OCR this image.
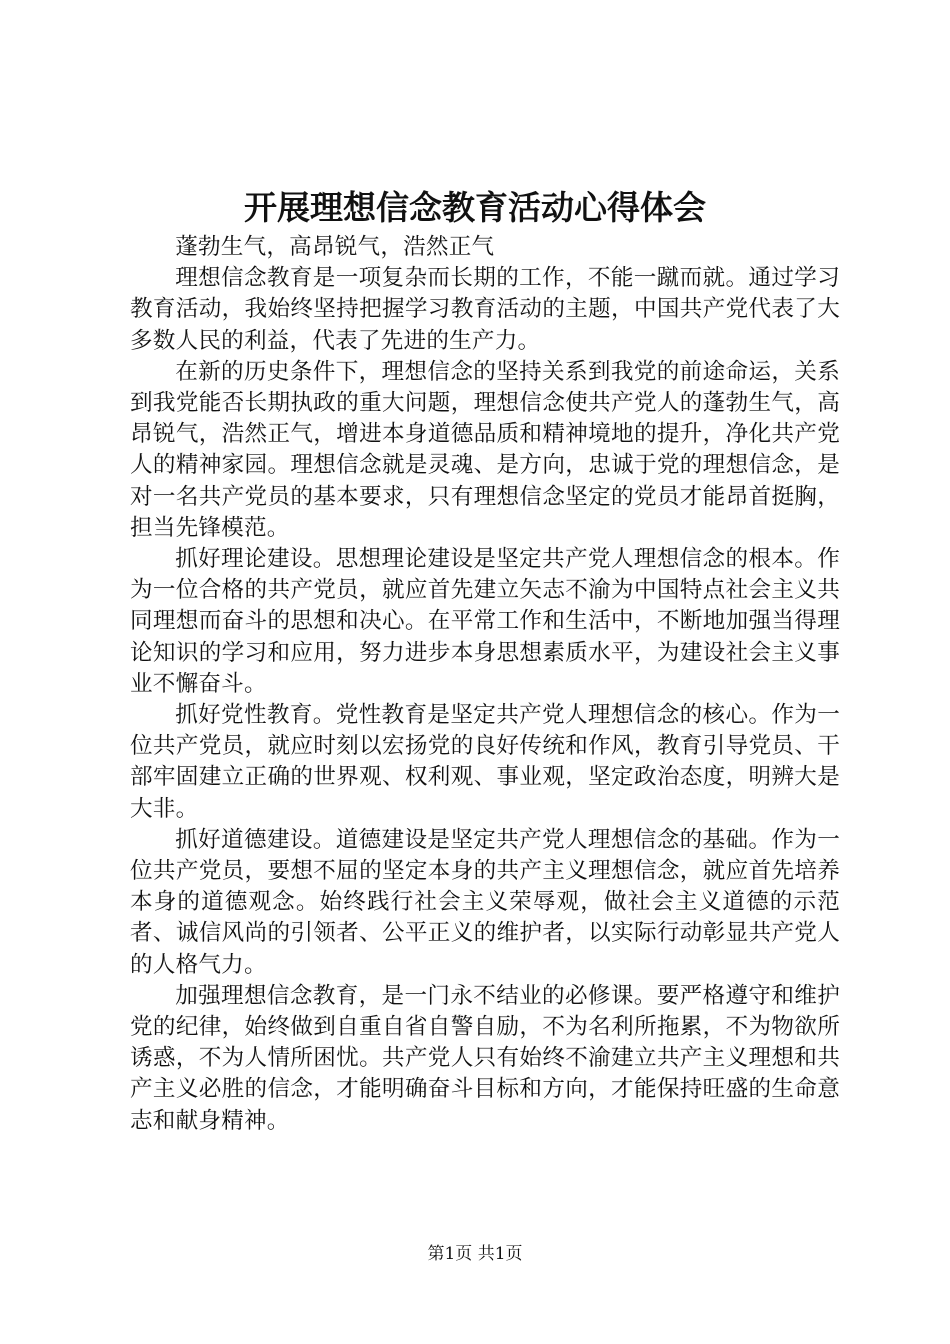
开展理想信念教育活动心得体会

蓬勃生气，高昂锐气，浩然正气

理想信念教育是一项复杂而长期的工作，不能一蹴而就。通过学习教育活动，我始终坚持把握学习教育活动的主题，中国共产党代表了大多数人民的利益，代表了先进的生产力。

在新的历史条件下，理想信念的坚持关系到我党的前途命运，关系到我党能否长期执政的重大问题，理想信念使共产党人的蓬勃生气，高昂锐气，浩然正气，增进本身道德品质和精神境地的提升，净化共产党人的精神家园。理想信念就是灵魂、是方向，忠诚于党的理想信念，是对一名共产党员的基本要求，只有理想信念坚定的党员才能昂首挺胸，担当先锋模范。

抓好理论建设。思想理论建设是坚定共产党人理想信念的根本。作为一位合格的共产党员，就应首先建立矢志不渝为中国特点社会主义共同理想而奋斗的思想和决心。在平常工作和生活中，不断地加强当得理论知识的学习和应用，努力进步本身思想素质水平，为建设社会主义事业不懈奋斗。

抓好党性教育。党性教育是坚定共产党人理想信念的核心。作为一位共产党员，就应时刻以宏扬党的良好传统和作风，教育引导党员、干部牢固建立正确的世界观、权利观、事业观，坚定政治态度，明辨大是大非。

抓好道德建设。道德建设是坚定共产党人理想信念的基础。作为一位共产党员，要想不屈的坚定本身的共产主义理想信念，就应首先培养本身的道德观念。始终践行社会主义荣辱观，做社会主义道德的示范者、诚信风尚的引领者、公平正义的维护者，以实际行动彰显共产党人的人格气力。

加强理想信念教育，是一门永不结业的必修课。要严格遵守和维护党的纪律，始终做到自重自省自警自励，不为名利所拖累，不为物欲所诱惑，不为人情所困忧。共产党人只有始终不渝建立共产主义理想和共产主义必胜的信念，才能明确奋斗目标和方向，才能保持旺盛的生命意志和献身精神。

第1页 共1页
